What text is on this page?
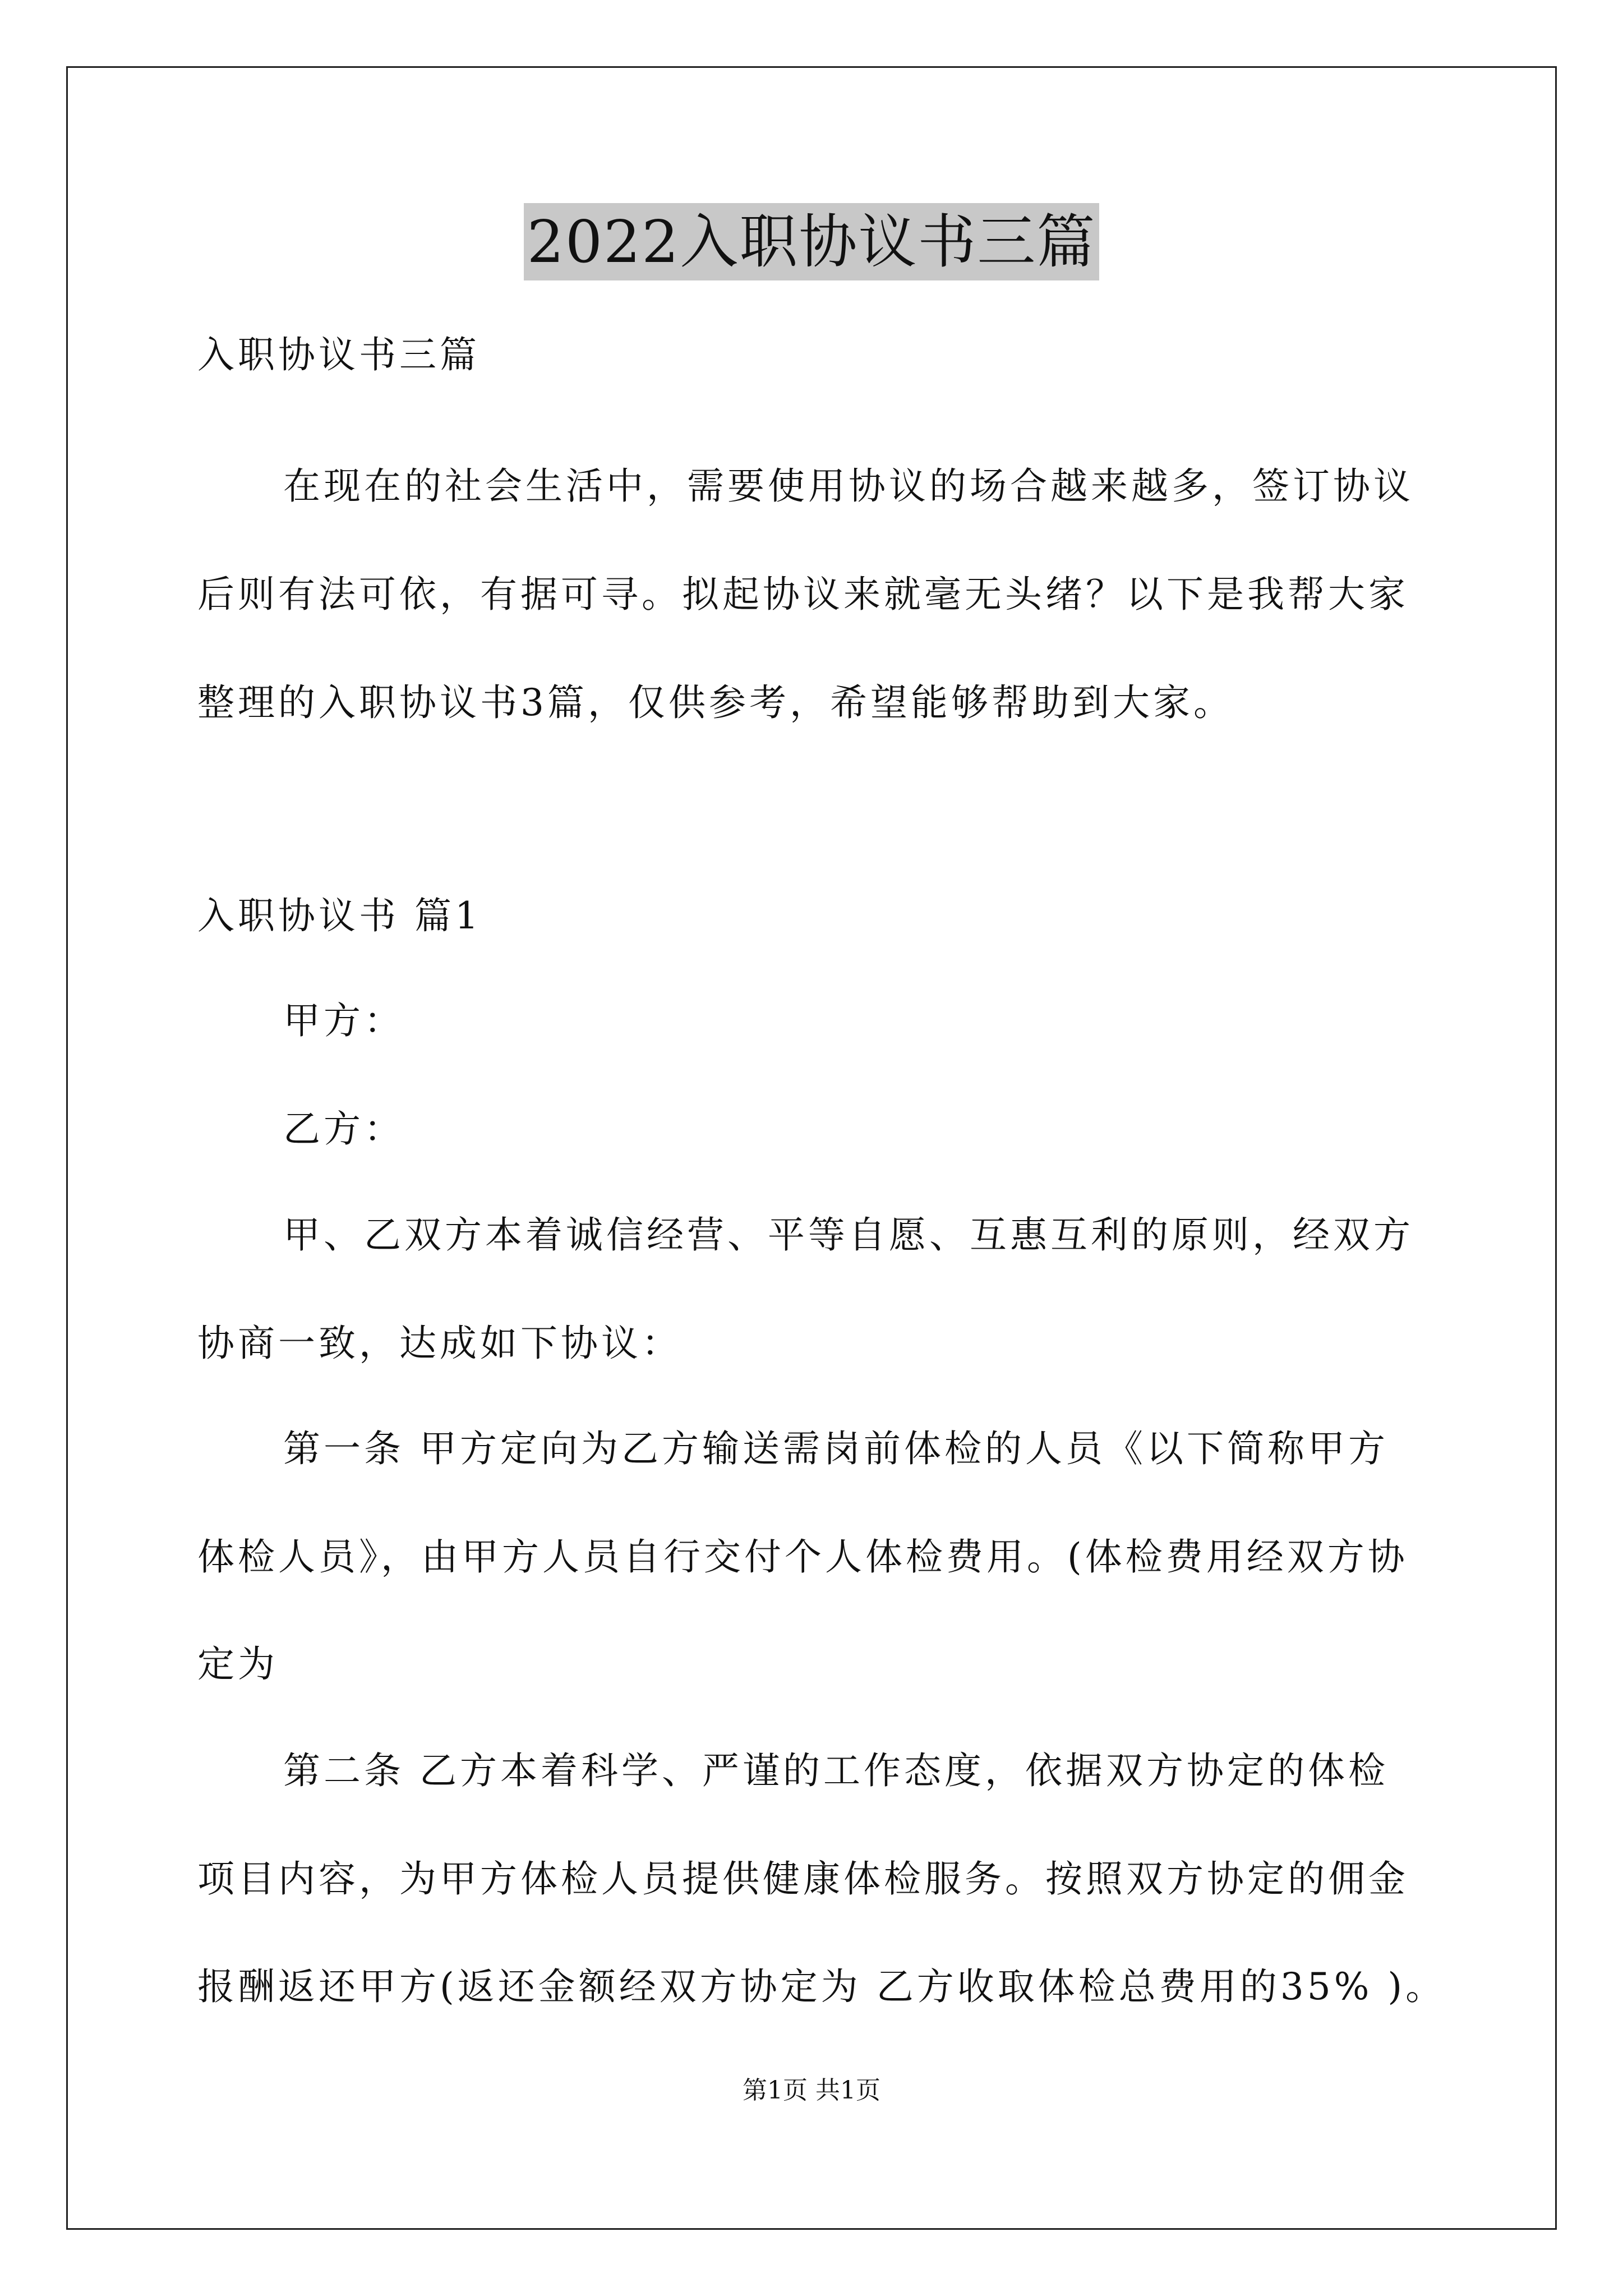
2022入职协议书三篇
入职协议书三篇
在现在的社会生活中，需要使用协议的场合越来越多，签订协议
后则有法可依，有据可寻。拟起协议来就毫无头绪？以下是我帮大家
整理的入职协议书3篇，仅供参考，希望能够帮助到大家。
入职协议书 篇1
甲方：
乙方：
甲、乙双方本着诚信经营、平等自愿、互惠互利的原则，经双方
协商一致，达成如下协议：
第一条 甲方定向为乙方输送需岗前体检的人员《以下简称甲方
体检人员》，由甲方人员自行交付个人体检费用。(体检费用经双方协
定为
第二条 乙方本着科学、严谨的工作态度，依据双方协定的体检
项目内容，为甲方体检人员提供健康体检服务。按照双方协定的佣金
报酬返还甲方(返还金额经双方协定为 乙方收取体检总费用的35% )。
第1页 共1页
